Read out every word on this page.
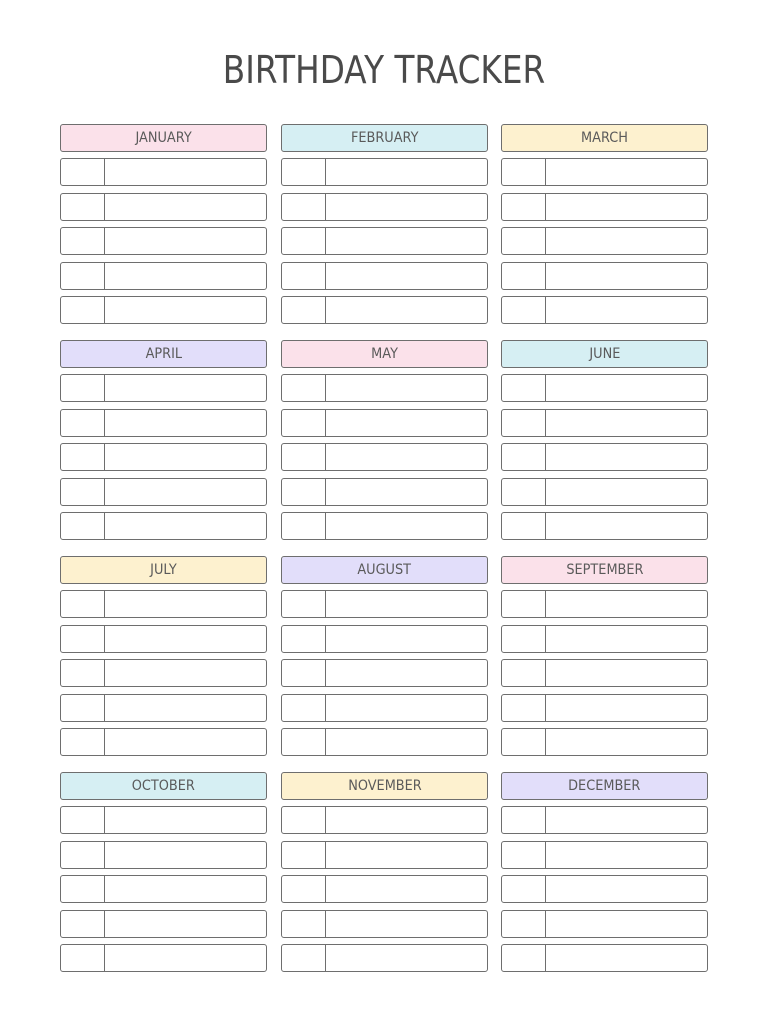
BIRTHDAY TRACKER
JANUARY	FEBRUARY	MARCH
APRIL	MAY	JUNE
JULY	AUGUST	SEPTEMBER
OCTOBER	NOVEMBER	DECEMBER
